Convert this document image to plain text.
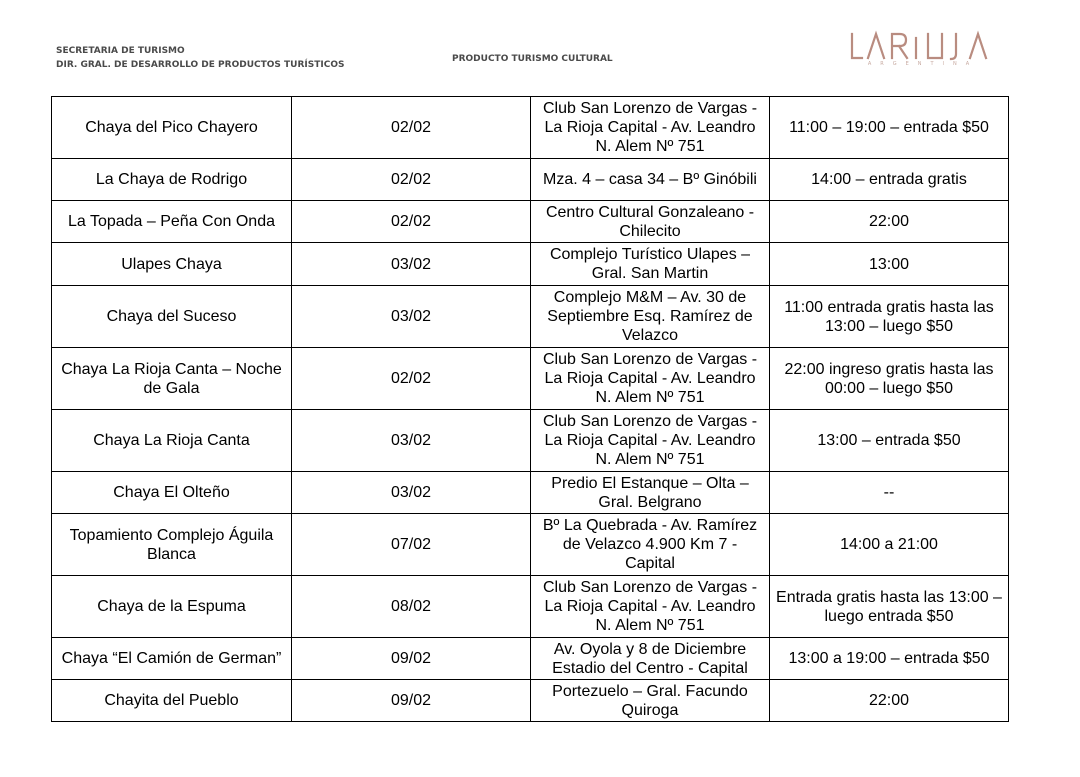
SECRETARIA DE TURISMO
DIR. GRAL. DE DESARROLLO DE PRODUCTOS TURÍSTICOS
PRODUCTO TURISMO CULTURAL
LA RIOJA
ARGENTINA
Chaya del Pico Chayero	02/02	Club San Lorenzo de Vargas - La Rioja Capital - Av. Leandro N. Alem Nº 751	11:00 – 19:00 – entrada $50
La Chaya de Rodrigo	02/02	Mza. 4 – casa 34 – Bº Ginóbili	14:00 – entrada gratis
La Topada – Peña Con Onda	02/02	Centro Cultural Gonzaleano - Chilecito	22:00
Ulapes Chaya	03/02	Complejo Turístico Ulapes – Gral. San Martin	13:00
Chaya del Suceso	03/02	Complejo M&M – Av. 30 de Septiembre Esq. Ramírez de Velazco	11:00 entrada gratis hasta las 13:00 – luego $50
Chaya La Rioja Canta – Noche de Gala	02/02	Club San Lorenzo de Vargas - La Rioja Capital - Av. Leandro N. Alem Nº 751	22:00 ingreso gratis hasta las 00:00 – luego $50
Chaya La Rioja Canta	03/02	Club San Lorenzo de Vargas - La Rioja Capital - Av. Leandro N. Alem Nº 751	13:00 – entrada $50
Chaya El Olteño	03/02	Predio El Estanque – Olta – Gral. Belgrano	--
Topamiento Complejo Águila Blanca	07/02	Bº La Quebrada - Av. Ramírez de Velazco 4.900 Km 7 - Capital	14:00 a 21:00
Chaya de la Espuma	08/02	Club San Lorenzo de Vargas - La Rioja Capital - Av. Leandro N. Alem Nº 751	Entrada gratis hasta las 13:00 – luego entrada $50
Chaya “El Camión de German”	09/02	Av. Oyola y 8 de Diciembre Estadio del Centro - Capital	13:00 a 19:00 – entrada $50
Chayita del Pueblo	09/02	Portezuelo – Gral. Facundo Quiroga	22:00
